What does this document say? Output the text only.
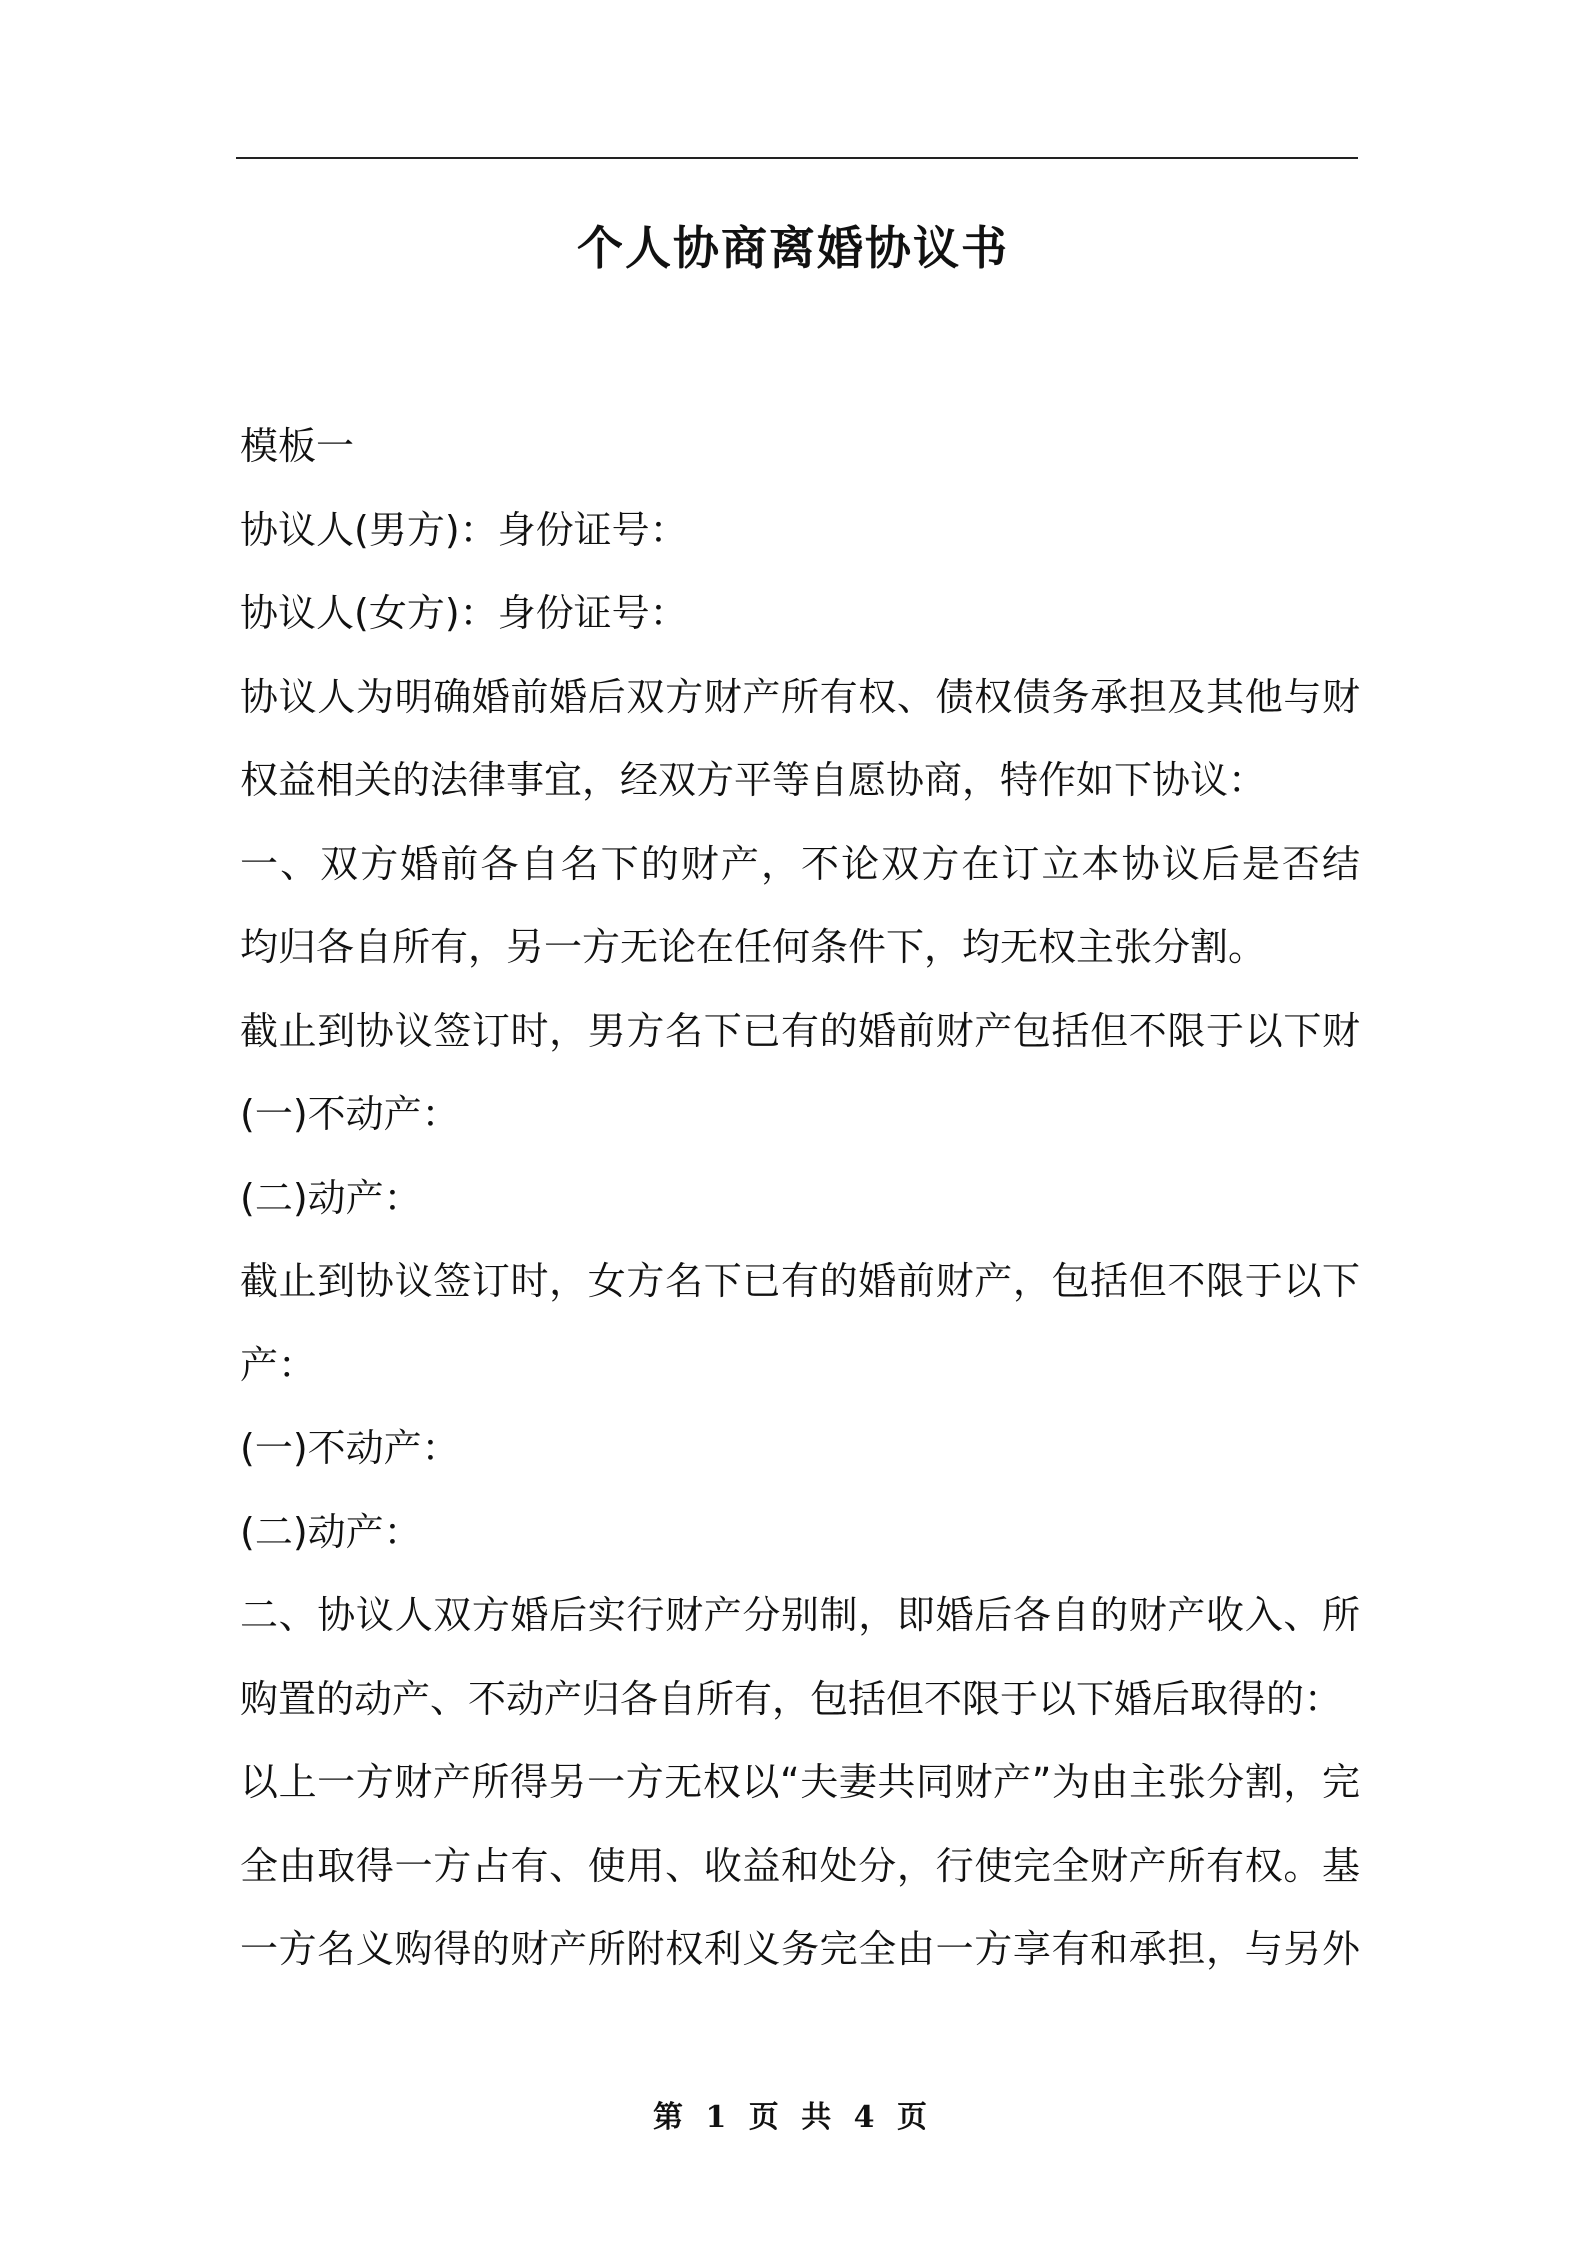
个人协商离婚协议书

模板一

协议人(男方)：身份证号：

协议人(女方)：身份证号：

协议人为明确婚前婚后双方财产所有权、债权债务承担及其他与财

权益相关的法律事宜，经双方平等自愿协商，特作如下协议：

一、双方婚前各自名下的财产，不论双方在订立本协议后是否结

均归各自所有，另一方无论在任何条件下，均无权主张分割。

截止到协议签订时，男方名下已有的婚前财产包括但不限于以下财

(一)不动产：

(二)动产：

截止到协议签订时，女方名下已有的婚前财产，包括但不限于以下

产：

(一)不动产：

(二)动产：

二、协议人双方婚后实行财产分别制，即婚后各自的财产收入、所

购置的动产、不动产归各自所有，包括但不限于以下婚后取得的：

以上一方财产所得另一方无权以“夫妻共同财产”为由主张分割，完

全由取得一方占有、使用、收益和处分，行使完全财产所有权。基

一方名义购得的财产所附权利义务完全由一方享有和承担，与另外

第 1 页 共 4 页
